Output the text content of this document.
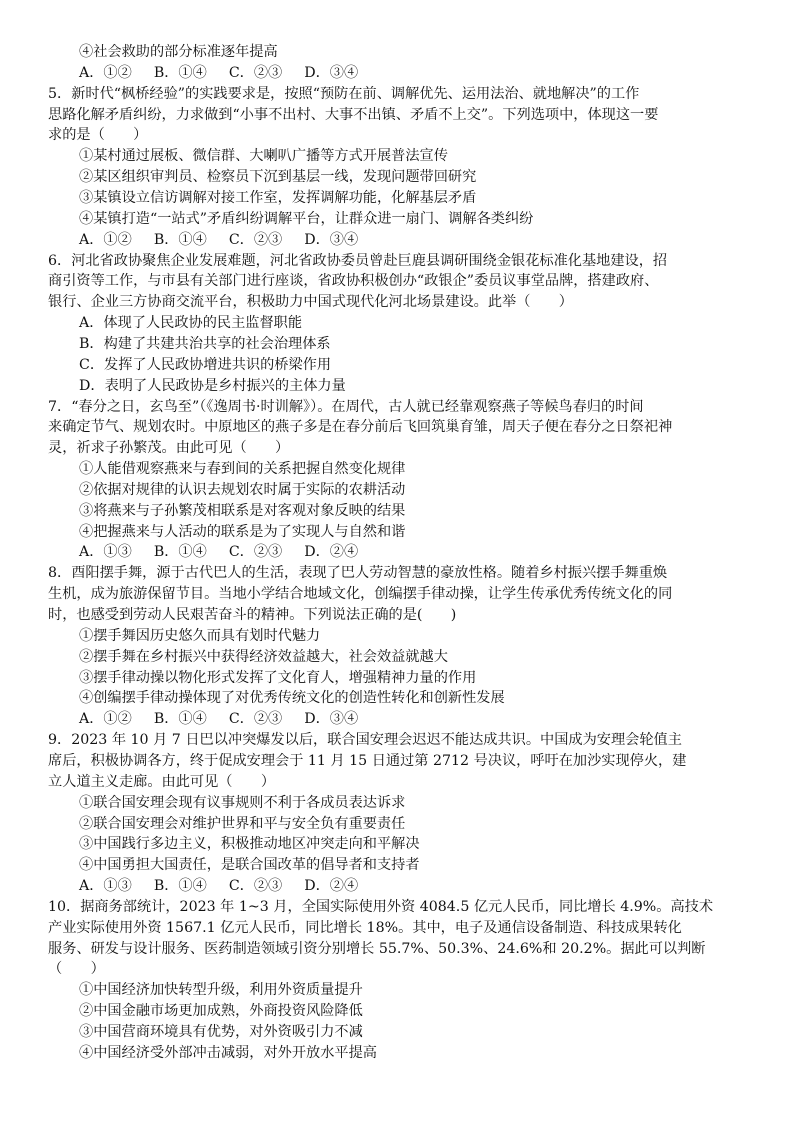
④社会救助的部分标准逐年提高
A．①② B．①④ C．②③ D．③④
5．新时代“枫桥经验”的实践要求是，按照“预防在前、调解优先、运用法治、就地解决”的工作
思路化解矛盾纠纷，力求做到“小事不出村、大事不出镇、矛盾不上交”。下列选项中，体现这一要
求的是（　　）
①某村通过展板、微信群、大喇叭广播等方式开展普法宣传
②某区组织审判员、检察员下沉到基层一线，发现问题带回研究
③某镇设立信访调解对接工作室，发挥调解功能，化解基层矛盾
④某镇打造“一站式”矛盾纠纷调解平台，让群众进一扇门、调解各类纠纷
A．①② B．①④ C．②③ D．③④
6．河北省政协聚焦企业发展难题，河北省政协委员曾赴巨鹿县调研围绕金银花标准化基地建设，招
商引资等工作，与市县有关部门进行座谈，省政协积极创办“政银企”委员议事堂品牌，搭建政府、
银行、企业三方协商交流平台，积极助力中国式现代化河北场景建设。此举（　　）
A．体现了人民政协的民主监督职能
B．构建了共建共治共享的社会治理体系
C．发挥了人民政协增进共识的桥梁作用
D．表明了人民政协是乡村振兴的主体力量
7．“春分之日，玄鸟至”（《逸周书·时训解》）。在周代，古人就已经靠观察燕子等候鸟春归的时间
来确定节气、规划农时。中原地区的燕子多是在春分前后飞回筑巢育雏，周天子便在春分之日祭祀神
灵，祈求子孙繁茂。由此可见（　　）
①人能借观察燕来与春到间的关系把握自然变化规律
②依据对规律的认识去规划农时属于实际的农耕活动
③将燕来与子孙繁茂相联系是对客观对象反映的结果
④把握燕来与人活动的联系是为了实现人与自然和谐
A．①③ B．①④ C．②③ D．②④
8．酉阳摆手舞，源于古代巴人的生活，表现了巴人劳动智慧的豪放性格。随着乡村振兴摆手舞重焕
生机，成为旅游保留节目。当地小学结合地域文化，创编摆手律动操，让学生传承优秀传统文化的同
时，也感受到劳动人民艰苦奋斗的精神。下列说法正确的是(　　)
①摆手舞因历史悠久而具有划时代魅力
②摆手舞在乡村振兴中获得经济效益越大，社会效益就越大
③摆手律动操以物化形式发挥了文化育人，增强精神力量的作用
④创编摆手律动操体现了对优秀传统文化的创造性转化和创新性发展
A．①② B．①④ C．②③ D．③④
9．2023 年 10 月 7 日巴以冲突爆发以后，联合国安理会迟迟不能达成共识。中国成为安理会轮值主
席后，积极协调各方，终于促成安理会于 11 月 15 日通过第 2712 号决议，呼吁在加沙实现停火，建
立人道主义走廊。由此可见（　　）
①联合国安理会现有议事规则不利于各成员表达诉求
②联合国安理会对维护世界和平与安全负有重要责任
③中国践行多边主义，积极推动地区冲突走向和平解决
④中国勇担大国责任，是联合国改革的倡导者和支持者
A．①③ B．①④ C．②③ D．②④
10．据商务部统计，2023 年 1~3 月，全国实际使用外资 4084.5 亿元人民币，同比增长 4.9%。高技术
产业实际使用外资 1567.1 亿元人民币，同比增长 18%。其中，电子及通信设备制造、科技成果转化
服务、研发与设计服务、医药制造领域引资分别增长 55.7%、50.3%、24.6%和 20.2%。据此可以判断
（　　）
①中国经济加快转型升级，利用外资质量提升
②中国金融市场更加成熟，外商投资风险降低
③中国营商环境具有优势，对外资吸引力不减
④中国经济受外部冲击减弱，对外开放水平提高
